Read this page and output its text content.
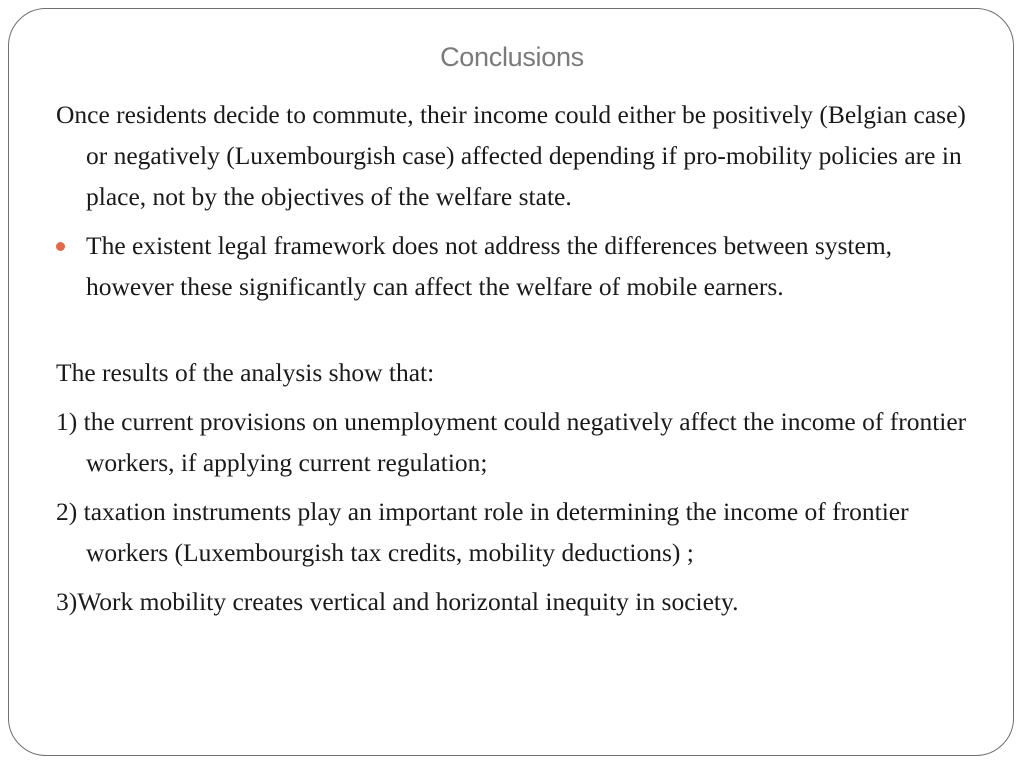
Conclusions

Once residents decide to commute, their income could either be positively (Belgian case) or negatively (Luxembourgish case) affected depending if pro-mobility policies are in place, not by the objectives of the welfare state.

The existent legal framework does not address the differences between system, however these significantly can affect the welfare of mobile earners.

The results of the analysis show that:

1) the current provisions on unemployment could negatively affect the income of frontier workers, if applying current regulation;

2) taxation instruments play an important role in determining the income of frontier workers (Luxembourgish tax credits, mobility deductions) ;

3)Work mobility creates vertical and horizontal inequity in society.
